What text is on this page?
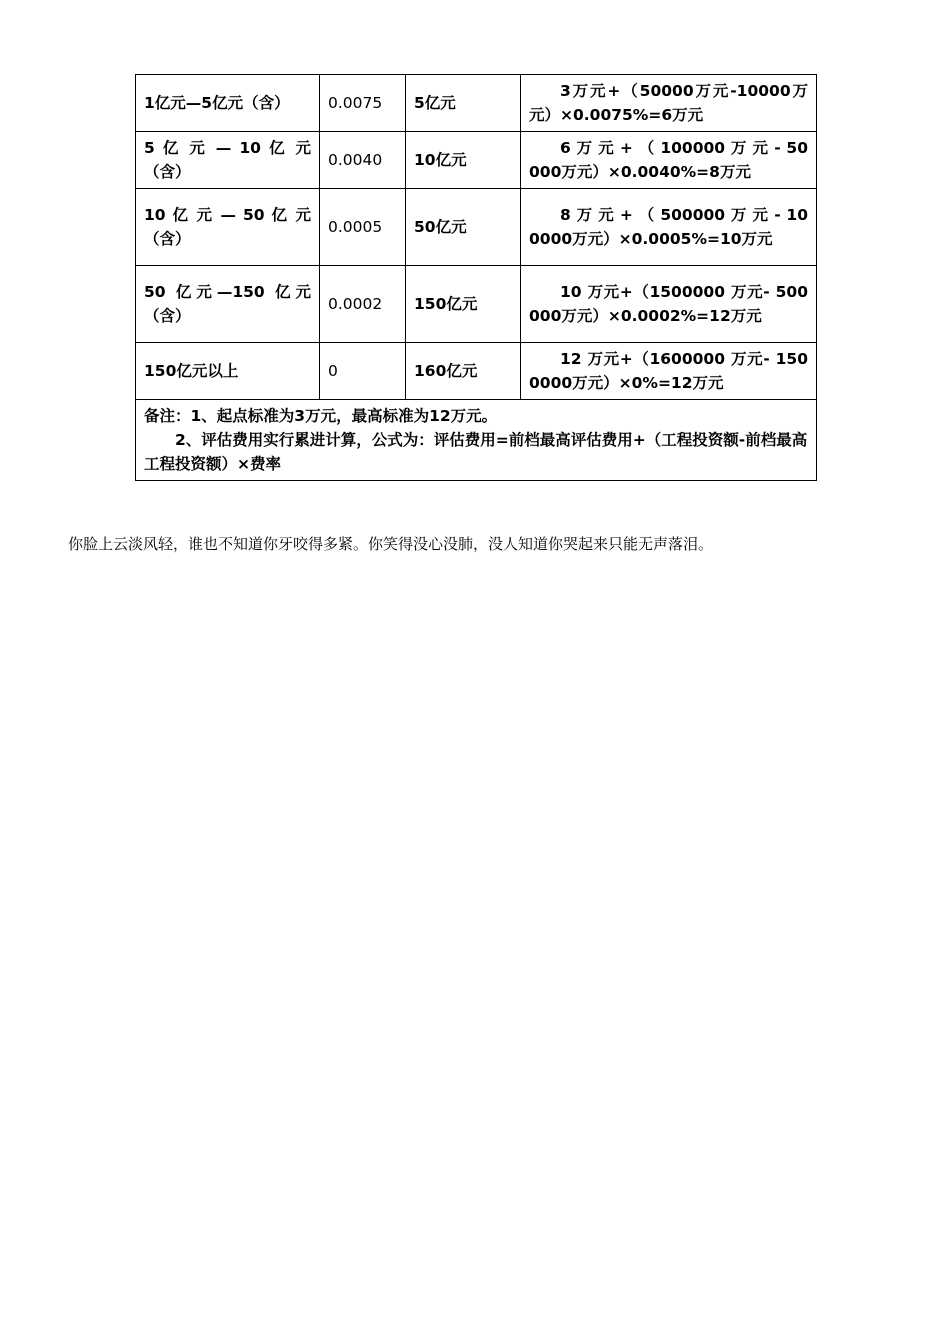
1亿元—5亿元（含）	0.0075	5亿元	3万元+（50000万元-10000万元）×0.0075%=6万元
5 亿 元 — 10 亿 元（含）	0.0040	10亿元	6 万 元 + （ 100000 万 元 - 50000万元）×0.0040%=8万元
10 亿 元 — 50 亿 元（含）	0.0005	50亿元	8 万 元 + （ 500000 万 元 - 100000万元）×0.0005%=10万元
50 亿元—150 亿元（含）	0.0002	150亿元	10 万元+（1500000 万元- 500000万元）×0.0002%=12万元
150亿元以上	0	160亿元	12 万元+（1600000 万元- 1500000万元）×0%=12万元

备注：1、起点标准为3万元，最高标准为12万元。
2、评估费用实行累进计算，公式为：评估费用=前档最高评估费用+（工程投资额-前档最高工程投资额）×费率			
你脸上云淡风轻，谁也不知道你牙咬得多紧。你笑得没心没肺，没人知道你哭起来只能无声落泪。
